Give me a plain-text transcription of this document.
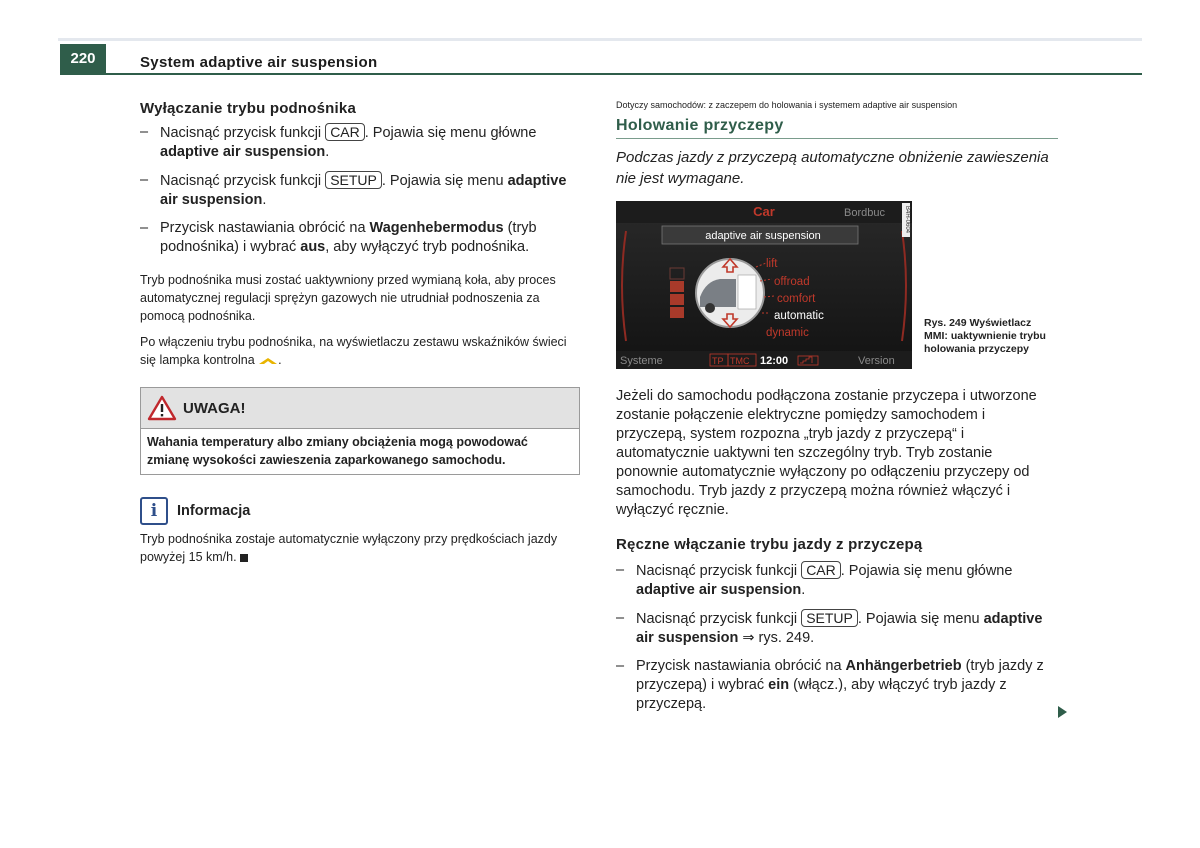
220	System adaptive air suspension
Wyłączanie trybu podnośnika
– Nacisnąć przycisk funkcji CAR . Pojawia się menu główne adaptive air suspension.
– Nacisnąć przycisk funkcji SETUP . Pojawia się menu adaptive air suspension.
– Przycisk nastawiania obrócić na Wagenhebermodus (tryb podnośnika) i wybrać aus, aby wyłączyć tryb podnośnika.

Tryb podnośnika musi zostać uaktywniony przed wymianą koła, aby proces automatycznej regulacji sprężyn gazowych nie utrudniał podnoszenia za pomocą podnośnika.

Po włączeniu trybu podnośnika, na wyświetlaczu zestawu wskaźników świeci się lampka kontrolna .

UWAGA!
Wahania temperatury albo zmiany obciążenia mogą powodować zmianę wysokości zawieszenia zaparkowanego samochodu.
i	Informacja

Tryb podnośnika zostaje automatycznie wyłączony przy prędkościach jazdy powyżej 15 km/h.

Dotyczy samochodów: z zaczepem do holowania i systemem adaptive air suspension

Holowanie przyczepy

Podczas jazdy z przyczepą automatyczne obniżenie zawieszenia nie jest wymagane.

Car	Bordbuc
adaptive air suspension
lift
offroad
comfort
automatic
dynamic
Systeme	TP TMC 12:00	Version
B4H-0604
Rys. 249 Wyświetlacz MMI: uaktywnienie trybu holowania przyczepy

Jeżeli do samochodu podłączona zostanie przyczepa i utworzone zostanie połączenie elektryczne pomiędzy samochodem i przyczepą, system rozpozna „tryb jazdy z przyczepą“ i automatycznie uaktywni ten szczególny tryb. Tryb zostanie ponownie automatycznie wyłączony po odłączeniu przyczepy od samochodu. Tryb jazdy z przyczepą można również włączyć i wyłączyć ręcznie.

Ręczne włączanie trybu jazdy z przyczepą
– Nacisnąć przycisk funkcji CAR . Pojawia się menu główne adaptive air suspension.
– Nacisnąć przycisk funkcji SETUP . Pojawia się menu adaptive air suspension ⇒ rys. 249.
– Przycisk nastawiania obrócić na Anhängerbetrieb (tryb jazdy z przyczepą) i wybrać ein (włącz.), aby włączyć tryb jazdy z przyczepą.
